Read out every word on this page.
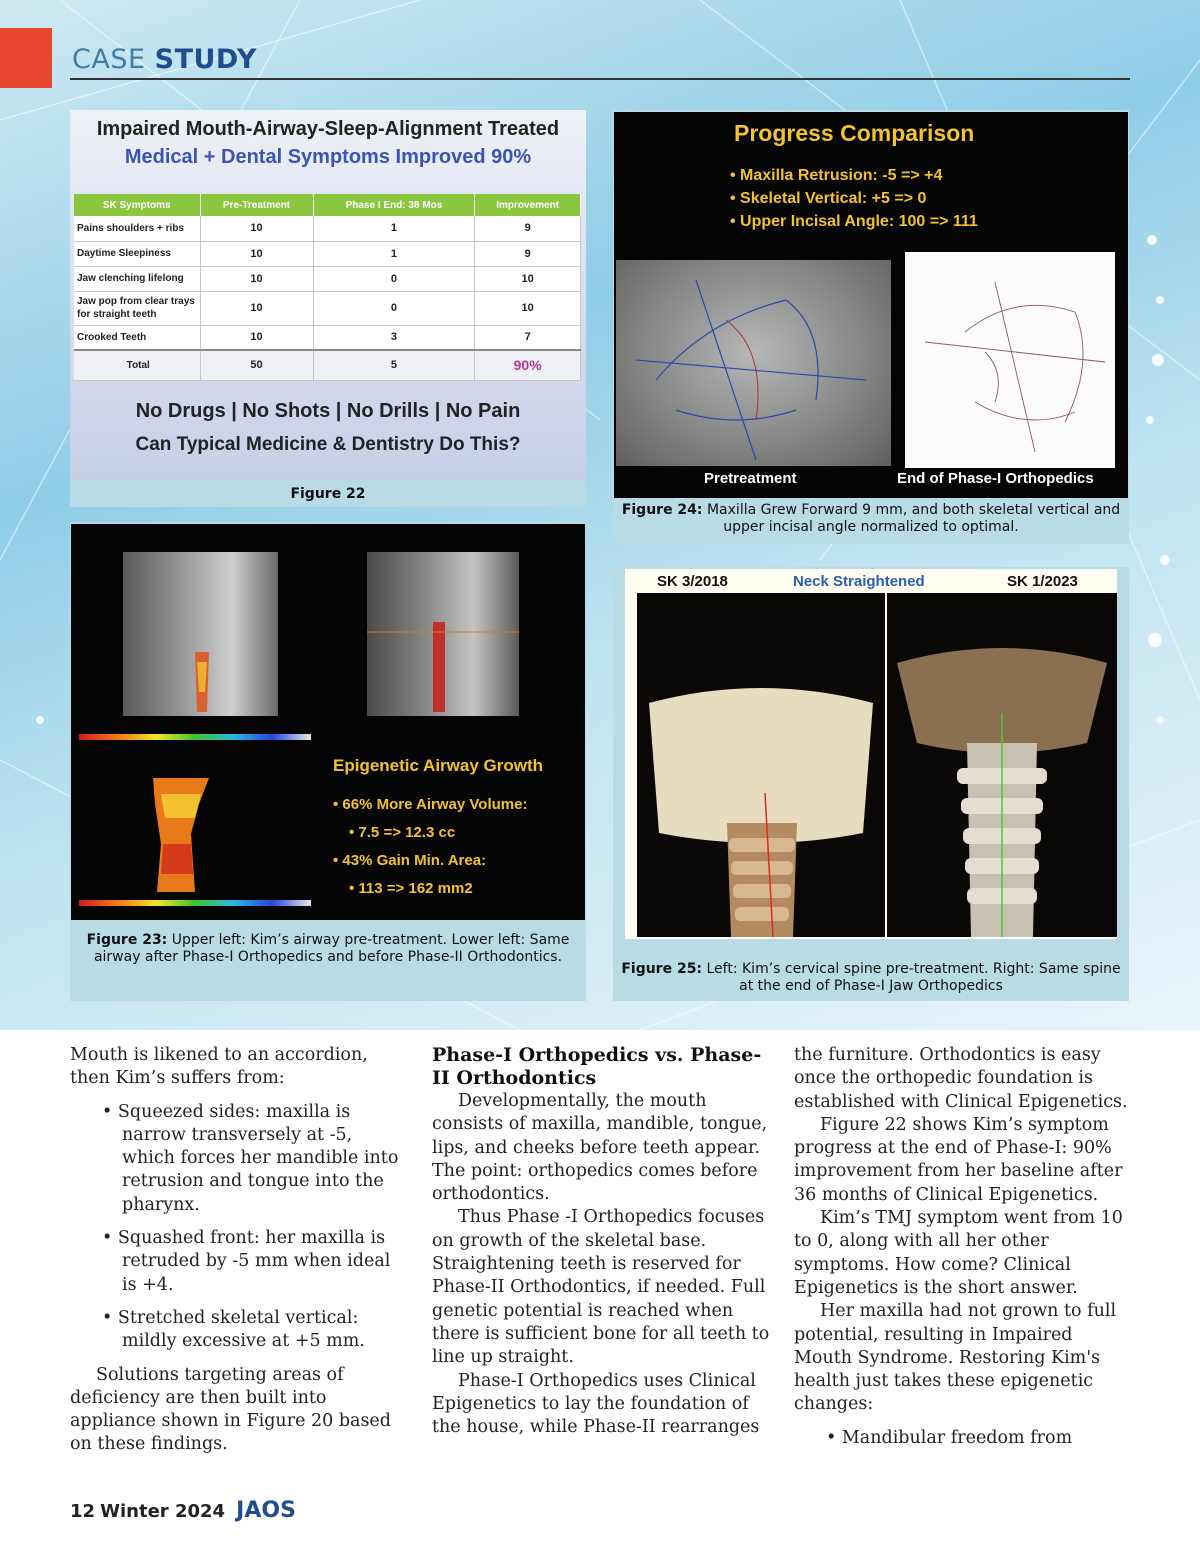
CASE STUDY
Impaired Mouth-Airway-Sleep-Alignment Treated
Medical + Dental Symptoms Improved 90%
SK Symptoms	Pre-Treatment	Phase I End: 38 Mos	Improvement
Pains shoulders + ribs	10	1	9
Daytime Sleepiness	10	1	9
Jaw clenching lifelong	10	0	10
Jaw pop from clear trays for straight teeth	10	0	10
Crooked Teeth	10	3	7
Total	50	5	90%
No Drugs | No Shots | No Drills | No Pain
Can Typical Medicine & Dentistry Do This?
Figure 22
Progress Comparison
• Maxilla Retrusion: -5 => +4
• Skeletal Vertical: +5 => 0
• Upper Incisal Angle: 100 => 111
Pretreatment	End of Phase-I Orthopedics
Figure 24: Maxilla Grew Forward 9 mm, and both skeletal vertical and upper incisal angle normalized to optimal.
Epigenetic Airway Growth
• 66% More Airway Volume:
• 7.5 => 12.3 cc
• 43% Gain Min. Area:
• 113 => 162 mm2
Figure 23: Upper left: Kim’s airway pre-treatment. Lower left: Same airway after Phase-I Orthopedics and before Phase-II Orthodontics.
SK 3/2018	Neck Straightened	SK 1/2023
Figure 25: Left: Kim’s cervical spine pre-treatment. Right: Same spine at the end of Phase-I Jaw Orthopedics

Mouth is likened to an accordion, then Kim’s suffers from:

• Squeezed sides: maxilla is narrow transversely at -5, which forces her mandible into retrusion and tongue into the pharynx.

• Squashed front: her maxilla is retruded by -5 mm when ideal is +4.

• Stretched skeletal vertical: mildly excessive at +5 mm.

Solutions targeting areas of deficiency are then built into appliance shown in Figure 20 based on these findings.

Phase-I Orthopedics vs. Phase-II Orthodontics

Developmentally, the mouth consists of maxilla, mandible, tongue, lips, and cheeks before teeth appear. The point: orthopedics comes before orthodontics.

Thus Phase -I Orthopedics focuses on growth of the skeletal base. Straightening teeth is reserved for Phase-II Orthodontics, if needed. Full genetic potential is reached when there is sufficient bone for all teeth to line up straight.

Phase-I Orthopedics uses Clinical Epigenetics to lay the foundation of the house, while Phase-II rearranges

the furniture. Orthodontics is easy once the orthopedic foundation is established with Clinical Epigenetics.

Figure 22 shows Kim’s symptom progress at the end of Phase-I: 90% improvement from her baseline after 36 months of Clinical Epigenetics.

Kim’s TMJ symptom went from 10 to 0, along with all her other symptoms. How come? Clinical Epigenetics is the short answer.

Her maxilla had not grown to full potential, resulting in Impaired Mouth Syndrome. Restoring Kim's health just takes these epigenetic changes:

• Mandibular freedom from

12 Winter 2024 JAOS
